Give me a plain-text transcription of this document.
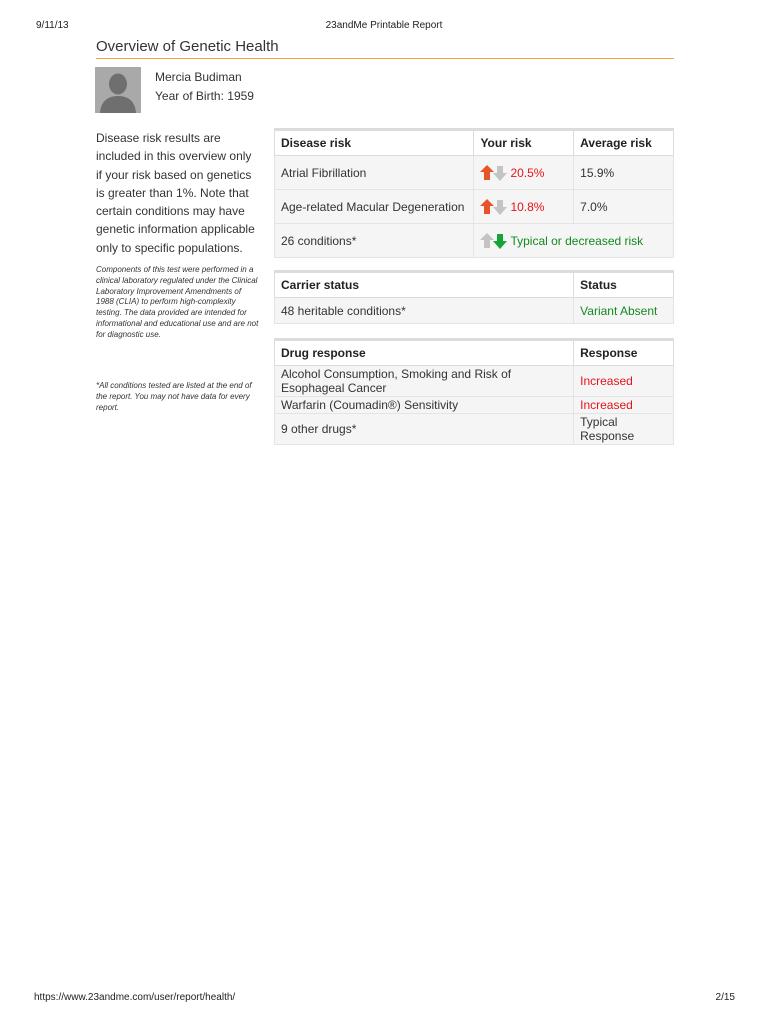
9/11/13	23andMe Printable Report
Overview of Genetic Health
Mercia Budiman
Year of Birth: 1959
Disease risk results are included in this overview only if your risk based on genetics is greater than 1%. Note that certain conditions may have genetic information applicable only to specific populations.
Components of this test were performed in a clinical laboratory regulated under the Clinical Laboratory Improvement Amendments of 1988 (CLIA) to perform high-complexity testing. The data provided are intended for informational and educational use and are not for diagnostic use.
*All conditions tested are listed at the end of the report. You may not have data for every report.
Disease risk	Your risk	Average risk
Atrial Fibrillation	20.5%	15.9%
Age-related Macular Degeneration	10.8%	7.0%
26 conditions*	Typical or decreased risk	
Carrier status	Status
48 heritable conditions*	Variant Absent
Drug response	Response
Alcohol Consumption, Smoking and Risk of Esophageal Cancer	Increased
Warfarin (Coumadin®) Sensitivity	Increased
9 other drugs*	Typical Response
https://www.23andme.com/user/report/health/	2/15
